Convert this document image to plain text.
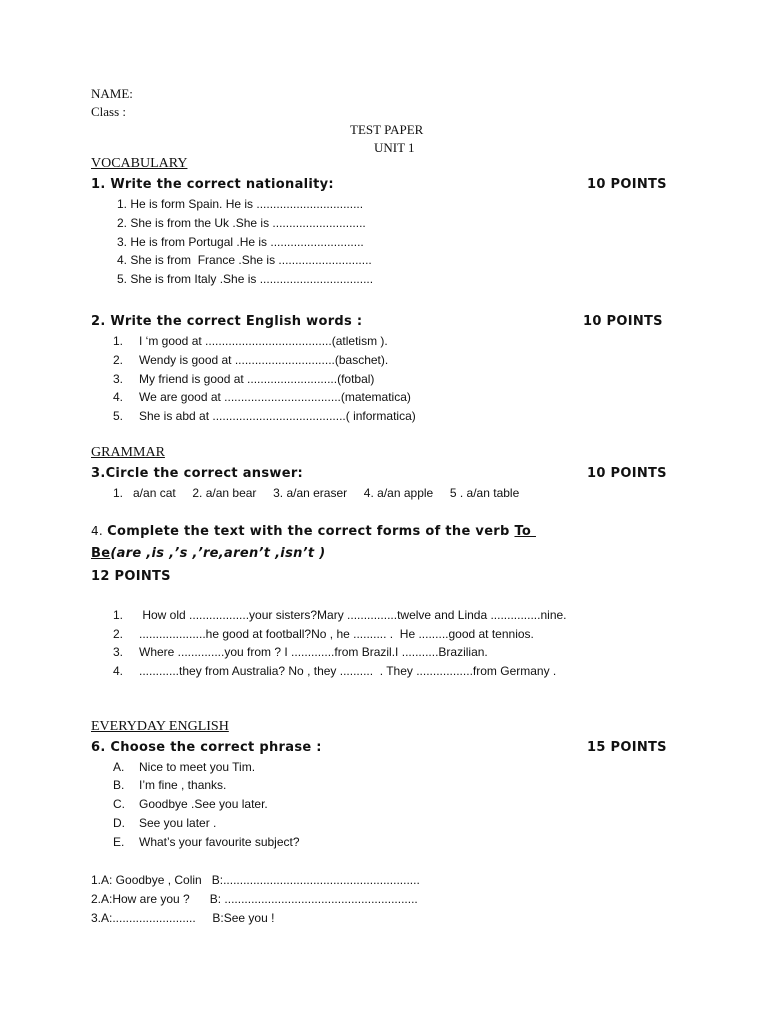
NAME:
Class :
TEST PAPER
UNIT 1
VOCABULARY
1. Write the correct nationality:	10 POINTS
1. He is form Spain. He is ................................
2. She is from the Uk .She is ............................
3. He is from Portugal .He is ............................
4. She is from  France .She is ............................
5. She is from Italy .She is ..................................
2. Write the correct English words :	10 POINTS
1. I ‘m good at ......................................(atletism ).
2. Wendy is good at ..............................(baschet).
3. My friend is good at ...........................(fotbal)
4. We are good at ...................................(matematica)
5. She is abd at ........................................( informatica)
GRAMMAR
3.Circle the correct answer:	10 POINTS
1.   a/an cat     2. a/an bear     3. a/an eraser     4. a/an apple     5 . a/an table
4. Complete the text with the correct forms of the verb To
Be(are ,is ,’s ,’re,aren’t ,isn’t )
12 POINTS
1. How old ..................your sisters?Mary ...............twelve and Linda ...............nine.
2. ....................he good at football?No , he .......... .  He .........good at tennios.
3. Where ..............you from ? I .............from Brazil.I ...........Brazilian.
4. ............they from Australia? No , they ..........  . They .................from Germany .
EVERYDAY ENGLISH
6. Choose the correct phrase :	15 POINTS
A. Nice to meet you Tim.
B. I’m fine , thanks.
C. Goodbye .See you later.
D. See you later .
E. What’s your favourite subject?
1.A: Goodbye , Colin   B:...........................................................
2.A:How are you ?      B: ..........................................................
3.A:.........................     B:See you !
